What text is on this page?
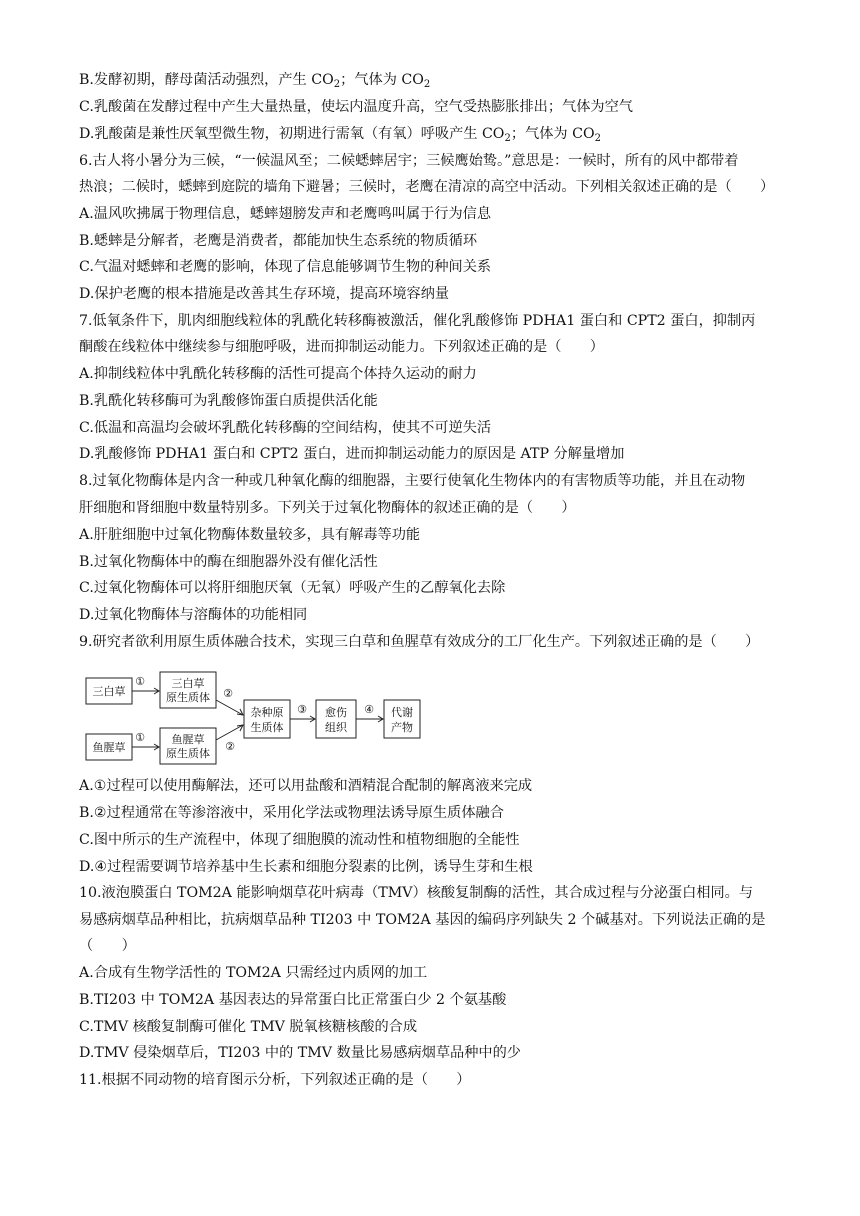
B.发酵初期，酵母菌活动强烈，产生 $CO_2$；气体为 $CO_2$
C.乳酸菌在发酵过程中产生大量热量，使坛内温度升高，空气受热膨胀排出；气体为空气
D.乳酸菌是兼性厌氧型微生物，初期进行需氧（有氧）呼吸产生 $CO_2$；气体为 $CO_2$
6.古人将小暑分为三候，“一候温风至；二候蟋蟀居宇；三候鹰始鸷。”意思是：一候时，所有的风中都带着
热浪；二候时，蟋蟀到庭院的墙角下避暑；三候时，老鹰在清凉的高空中活动。下列相关叙述正确的是（　　）
A.温风吹拂属于物理信息，蟋蟀翅膀发声和老鹰鸣叫属于行为信息
B.蟋蟀是分解者，老鹰是消费者，都能加快生态系统的物质循环
C.气温对蟋蟀和老鹰的影响，体现了信息能够调节生物的种间关系
D.保护老鹰的根本措施是改善其生存环境，提高环境容纳量
7.低氧条件下，肌肉细胞线粒体的乳酰化转移酶被激活，催化乳酸修饰 PDHA1 蛋白和 CPT2 蛋白，抑制丙
酮酸在线粒体中继续参与细胞呼吸，进而抑制运动能力。下列叙述正确的是（　　）
A.抑制线粒体中乳酰化转移酶的活性可提高个体持久运动的耐力
B.乳酰化转移酶可为乳酸修饰蛋白质提供活化能
C.低温和高温均会破坏乳酰化转移酶的空间结构，使其不可逆失活
D.乳酸修饰 PDHA1 蛋白和 CPT2 蛋白，进而抑制运动能力的原因是 ATP 分解量增加
8.过氧化物酶体是内含一种或几种氧化酶的细胞器，主要行使氧化生物体内的有害物质等功能，并且在动物
肝细胞和肾细胞中数量特别多。下列关于过氧化物酶体的叙述正确的是（　　）
A.肝脏细胞中过氧化物酶体数量较多，具有解毒等功能
B.过氧化物酶体中的酶在细胞器外没有催化活性
C.过氧化物酶体可以将肝细胞厌氧（无氧）呼吸产生的乙醇氧化去除
D.过氧化物酶体与溶酶体的功能相同
9.研究者欲利用原生质体融合技术，实现三白草和鱼腥草有效成分的工厂化生产。下列叙述正确的是（　　）
三白草
三白草
原生质体
鱼腥草
鱼腥草
原生质体
杂种原
生质体
愈伤
组织
代谢
产物
①
①
②
②
③	④
A.①过程可以使用酶解法，还可以用盐酸和酒精混合配制的解离液来完成
B.②过程通常在等渗溶液中，采用化学法或物理法诱导原生质体融合
C.图中所示的生产流程中，体现了细胞膜的流动性和植物细胞的全能性
D.④过程需要调节培养基中生长素和细胞分裂素的比例，诱导生芽和生根
10.液泡膜蛋白 TOM2A 能影响烟草花叶病毒（TMV）核酸复制酶的活性，其合成过程与分泌蛋白相同。与
易感病烟草品种相比，抗病烟草品种 TI203 中 TOM2A 基因的编码序列缺失 2 个碱基对。下列说法正确的是
（　　）
A.合成有生物学活性的 TOM2A 只需经过内质网的加工
B.TI203 中 TOM2A 基因表达的异常蛋白比正常蛋白少 2 个氨基酸
C.TMV 核酸复制酶可催化 TMV 脱氧核糖核酸的合成
D.TMV 侵染烟草后，TI203 中的 TMV 数量比易感病烟草品种中的少
11.根据不同动物的培育图示分析，下列叙述正确的是（　　）
